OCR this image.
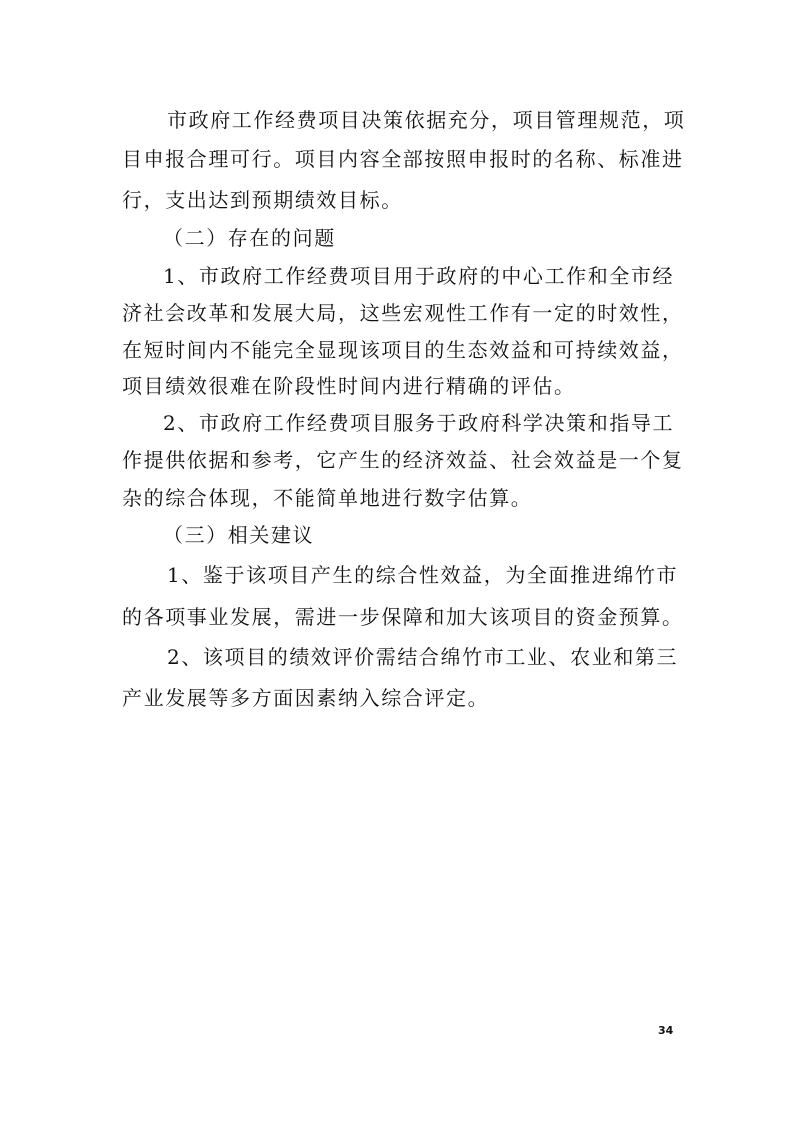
市政府工作经费项目决策依据充分，项目管理规范，项
目申报合理可行。项目内容全部按照申报时的名称、标准进
行，支出达到预期绩效目标。
（二）存在的问题
1、市政府工作经费项目用于政府的中心工作和全市经
济社会改革和发展大局，这些宏观性工作有一定的时效性，
在短时间内不能完全显现该项目的生态效益和可持续效益，
项目绩效很难在阶段性时间内进行精确的评估。
2、市政府工作经费项目服务于政府科学决策和指导工
作提供依据和参考，它产生的经济效益、社会效益是一个复
杂的综合体现，不能简单地进行数字估算。
（三）相关建议
1、鉴于该项目产生的综合性效益，为全面推进绵竹市
的各项事业发展，需进一步保障和加大该项目的资金预算。
2、该项目的绩效评价需结合绵竹市工业、农业和第三
产业发展等多方面因素纳入综合评定。
34
